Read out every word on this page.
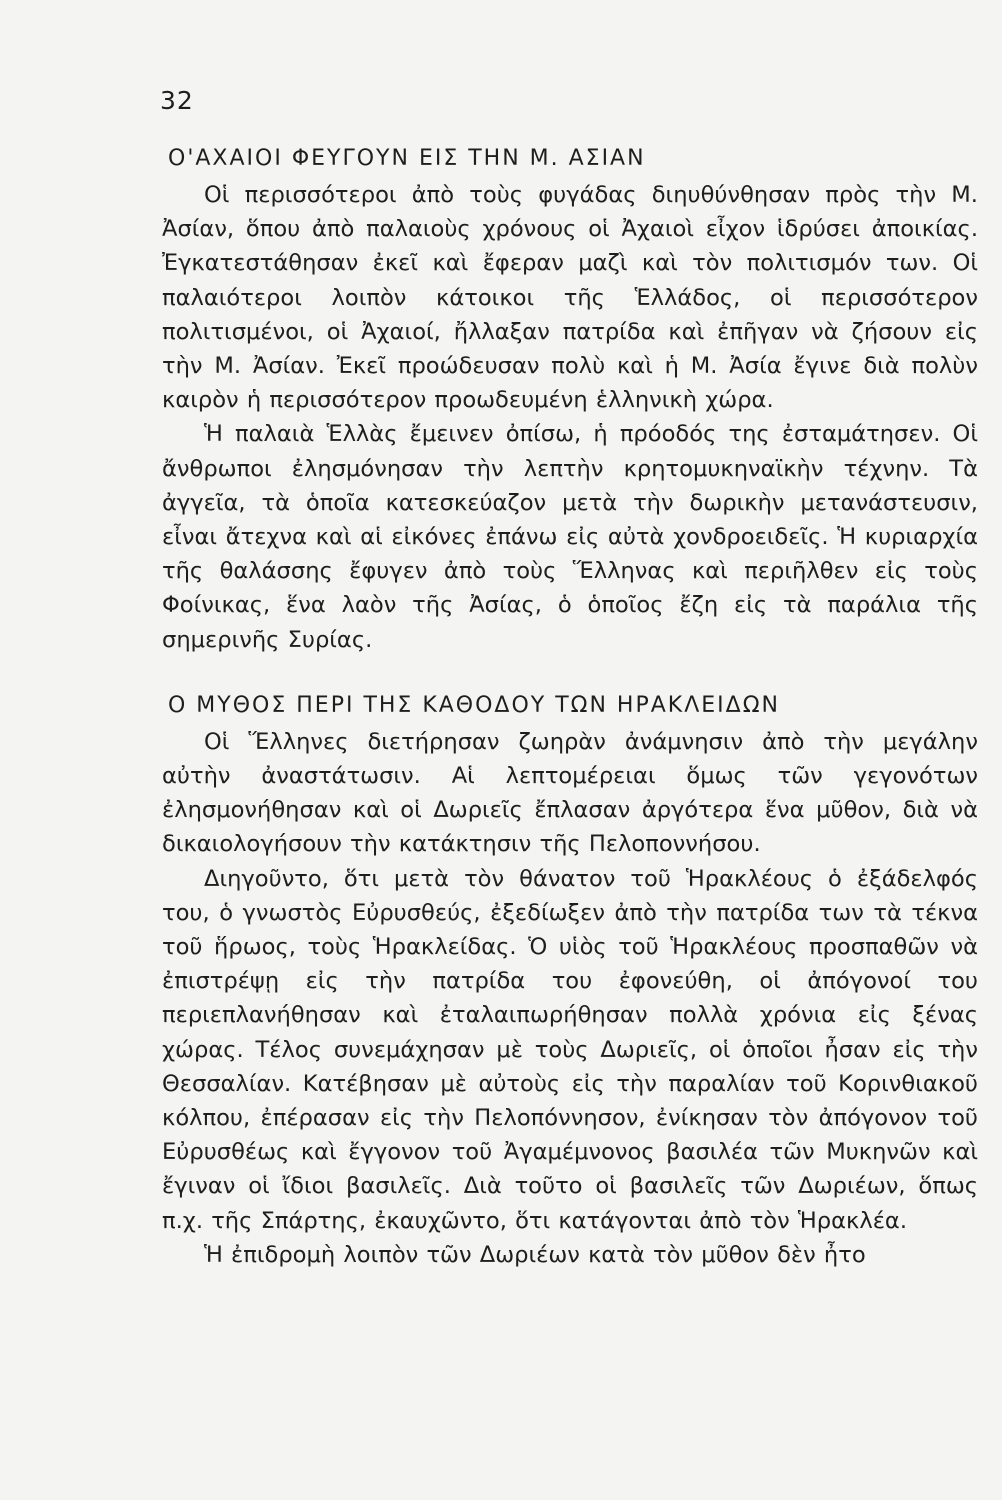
32
Ο'ΑΧΑΙΟΙ ΦΕΥΓΟΥΝ ΕΙΣ ΤΗΝ Μ. ΑΣΙΑΝ

Οἱ περισσότεροι ἀπὸ τοὺς φυγάδας διηυθύνθησαν πρὸς τὴν Μ. Ἀσίαν, ὅπου ἀπὸ παλαιοὺς χρόνους οἱ Ἀχαιοὶ εἶχον ἱδρύσει ἀποικίας. Ἐγκατεστάθησαν ἐκεῖ καὶ ἔφεραν μαζὶ καὶ τὸν πολιτισμόν των. Οἱ παλαιότεροι λοιπὸν κάτοικοι τῆς Ἑλλάδος, οἱ περισσότερον πολιτισμένοι, οἱ Ἀχαιοί, ἤλλαξαν πατρίδα καὶ ἐπῆγαν νὰ ζήσουν εἰς τὴν Μ. Ἀσίαν. Ἐκεῖ προώδευσαν πολὺ καὶ ἡ Μ. Ἀσία ἔγινε διὰ πολὺν καιρὸν ἡ περισσότερον προωδευμένη ἑλληνικὴ χώρα.

Ἡ παλαιὰ Ἑλλὰς ἔμεινεν ὀπίσω, ἡ πρόοδός της ἐσταμάτησεν. Οἱ ἄνθρωποι ἐλησμόνησαν τὴν λεπτὴν κρητομυκηναϊκὴν τέχνην. Τὰ ἀγγεῖα, τὰ ὁποῖα κατεσκεύαζον μετὰ τὴν δωρικὴν μετανάστευσιν, εἶναι ἄτεχνα καὶ αἱ εἰκόνες ἐπάνω εἰς αὐτὰ χονδροειδεῖς. Ἡ κυριαρχία τῆς θαλάσσης ἔφυγεν ἀπὸ τοὺς Ἕλληνας καὶ περιῆλθεν εἰς τοὺς Φοίνικας, ἕνα λαὸν τῆς Ἀσίας, ὁ ὁποῖος ἔζη εἰς τὰ παράλια τῆς σημερινῆς Συρίας.

Ο ΜΥΘΟΣ ΠΕΡΙ ΤΗΣ ΚΑΘΟΔΟΥ ΤΩΝ ΗΡΑΚΛΕΙΔΩΝ

Οἱ Ἕλληνες διετήρησαν ζωηρὰν ἀνάμνησιν ἀπὸ τὴν μεγάλην αὐτὴν ἀναστάτωσιν. Αἱ λεπτομέρειαι ὅμως τῶν γεγονότων ἐλησμονήθησαν καὶ οἱ Δωριεῖς ἔπλασαν ἀργότερα ἕνα μῦθον, διὰ νὰ δικαιολογήσουν τὴν κατάκτησιν τῆς Πελοποννήσου.

Διηγοῦντο, ὅτι μετὰ τὸν θάνατον τοῦ Ἡρακλέους ὁ ἐξάδελφός του, ὁ γνωστὸς Εὐρυσθεύς, ἐξεδίωξεν ἀπὸ τὴν πατρίδα των τὰ τέκνα τοῦ ἥρωος, τοὺς Ἡρακλείδας. Ὁ υἱὸς τοῦ Ἡρακλέους προσπαθῶν νὰ ἐπιστρέψῃ εἰς τὴν πατρίδα του ἐφονεύθη, οἱ ἀπόγονοί του περιεπλανήθησαν καὶ ἐταλαιπωρήθησαν πολλὰ χρόνια εἰς ξένας χώρας. Τέλος συνεμάχησαν μὲ τοὺς Δωριεῖς, οἱ ὁποῖοι ἦσαν εἰς τὴν Θεσσαλίαν. Κατέβησαν μὲ αὐτοὺς εἰς τὴν παραλίαν τοῦ Κορινθιακοῦ κόλπου, ἐπέρασαν εἰς τὴν Πελοπόννησον, ἐνίκησαν τὸν ἀπόγονον τοῦ Εὐρυσθέως καὶ ἔγγονον τοῦ Ἀγαμέμνονος βασιλέα τῶν Μυκηνῶν καὶ ἔγιναν οἱ ἴδιοι βασιλεῖς. Διὰ τοῦτο οἱ βασιλεῖς τῶν Δωριέων, ὅπως π.χ. τῆς Σπάρτης, ἐκαυχῶντο, ὅτι κατάγονται ἀπὸ τὸν Ἡρακλέα.

Ἡ ἐπιδρομὴ λοιπὸν τῶν Δωριέων κατὰ τὸν μῦθον δὲν ἦτο
